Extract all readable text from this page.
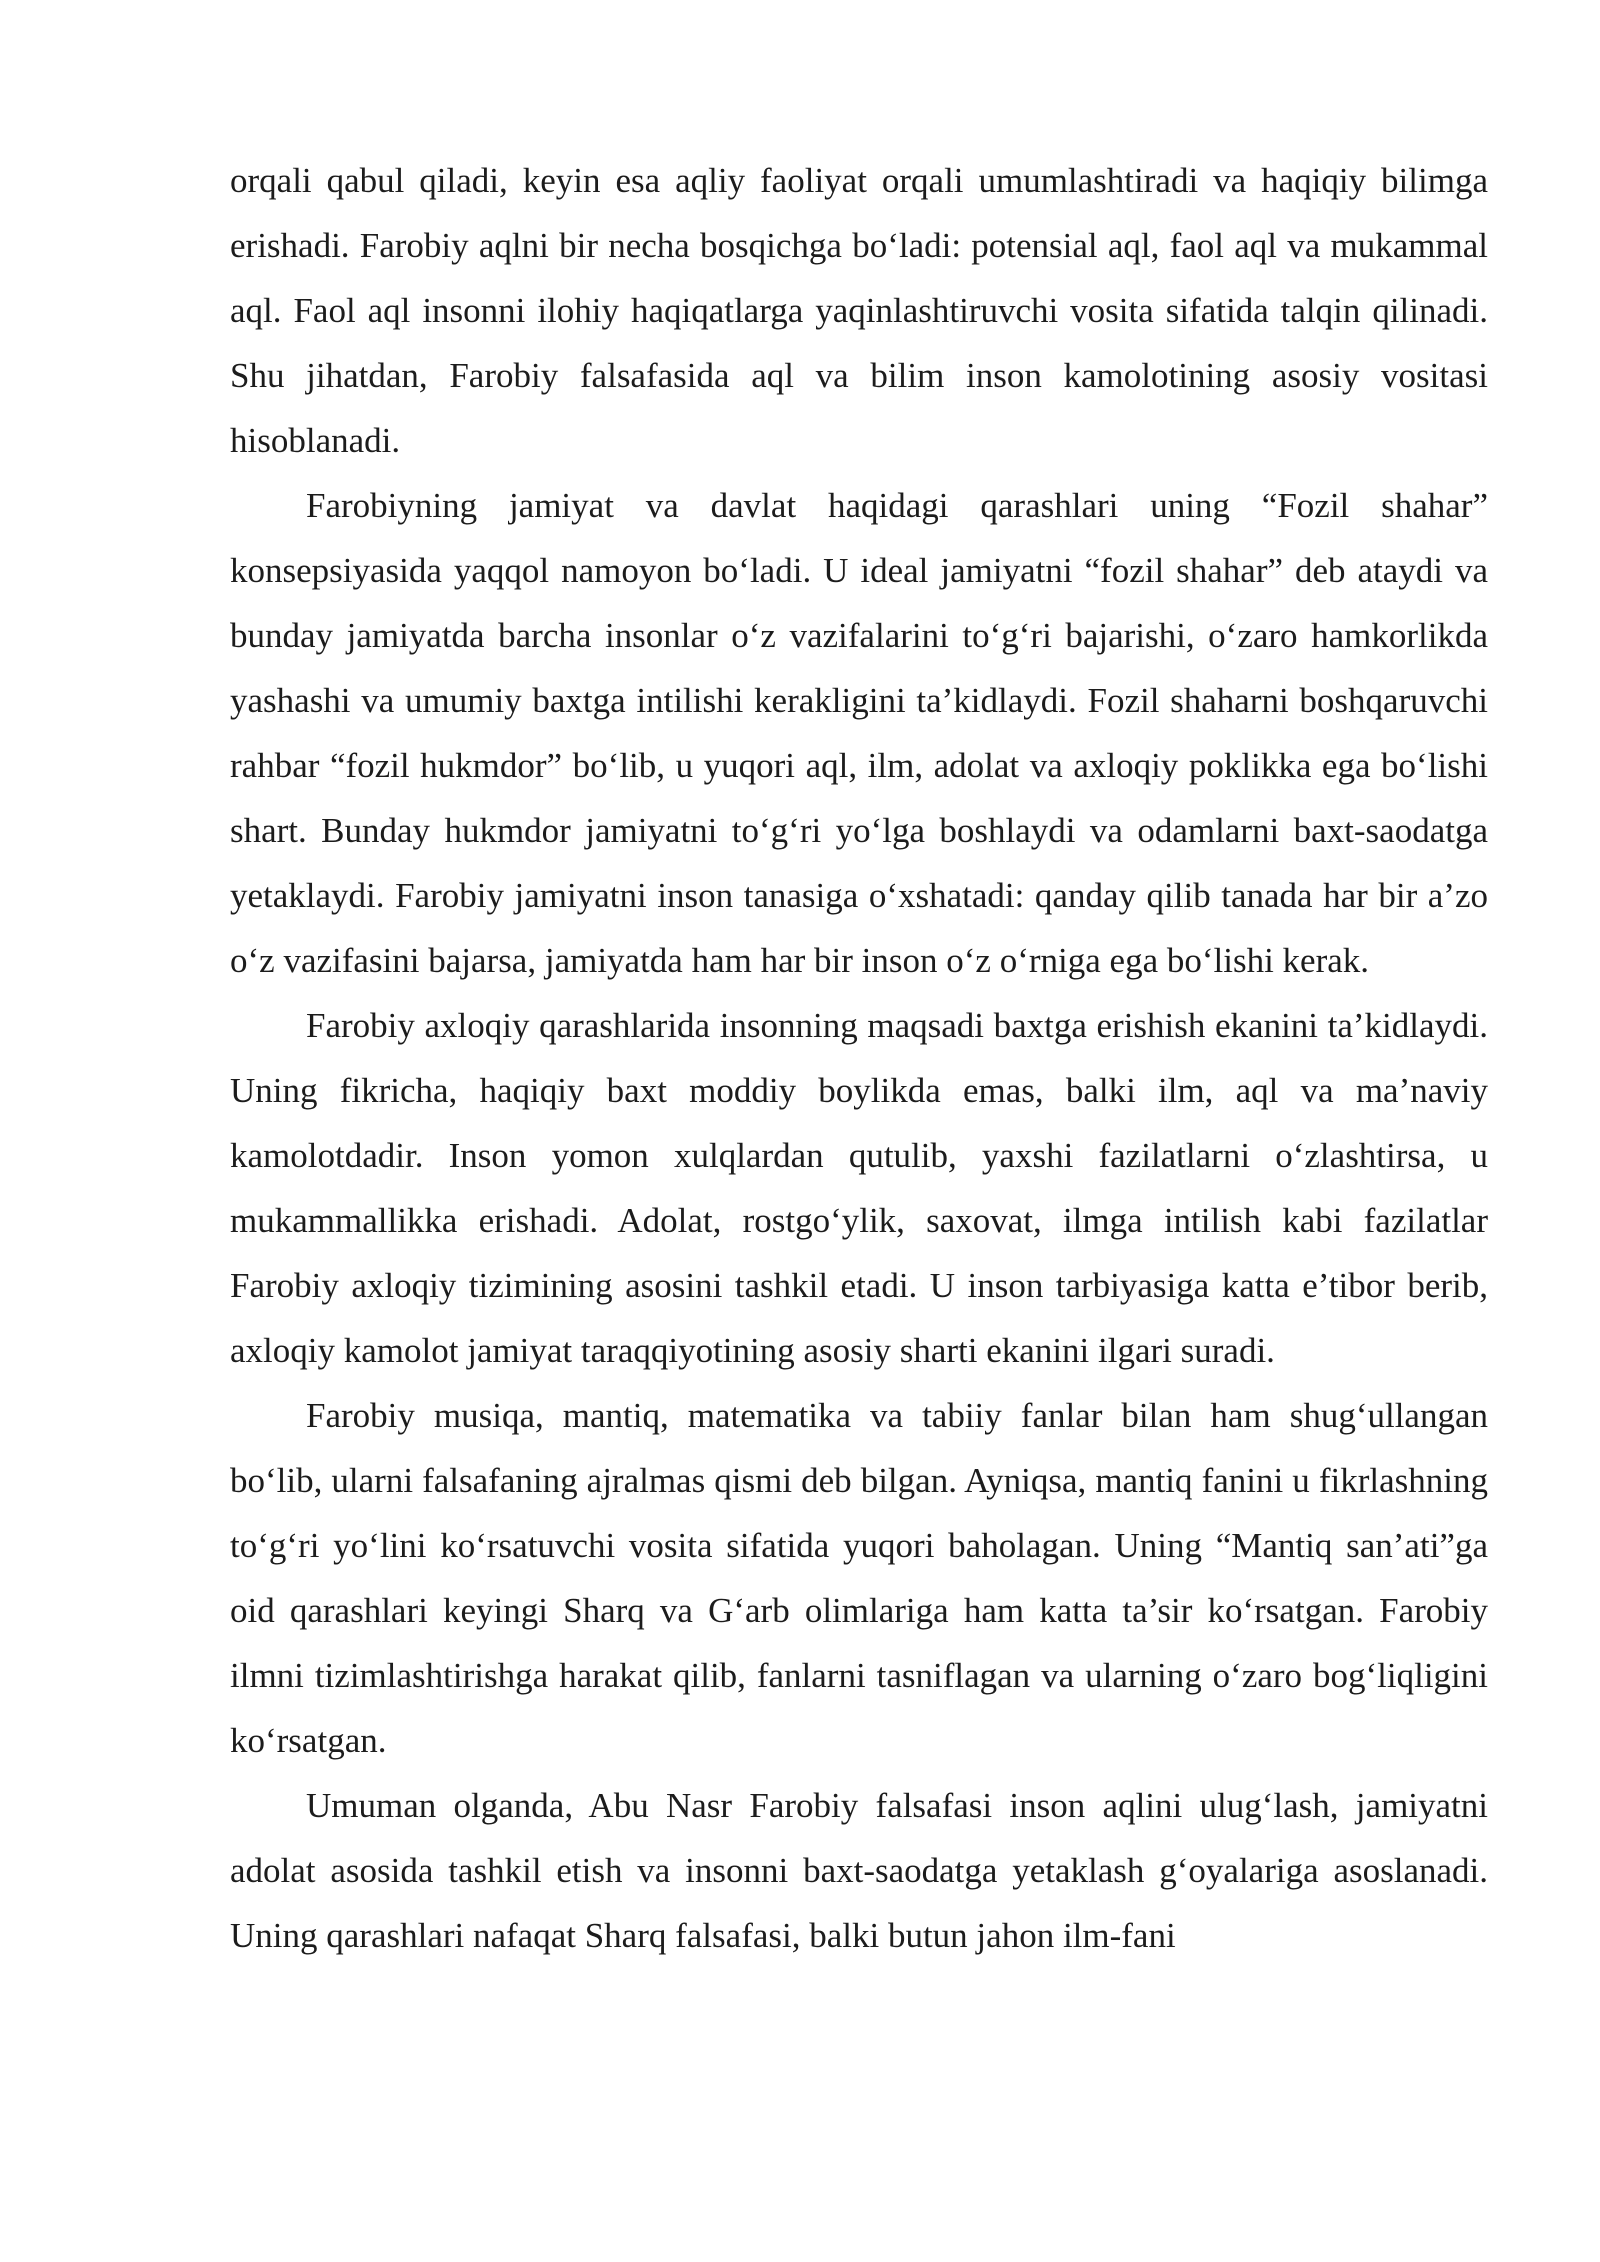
orqali qabul qiladi, keyin esa aqliy faoliyat orqali umumlashtiradi va haqiqiy bilimga erishadi. Farobiy aqlni bir necha bosqichga bo‘ladi: potensial aql, faol aql va mukammal aql. Faol aql insonni ilohiy haqiqatlarga yaqinlashtiruvchi vosita sifatida talqin qilinadi. Shu jihatdan, Farobiy falsafasida aql va bilim inson kamolotining asosiy vositasi hisoblanadi.

Farobiyning jamiyat va davlat haqidagi qarashlari uning “Fozil shahar” konsepsiyasida yaqqol namoyon bo‘ladi. U ideal jamiyatni “fozil shahar” deb ataydi va bunday jamiyatda barcha insonlar o‘z vazifalarini to‘g‘ri bajarishi, o‘zaro hamkorlikda yashashi va umumiy baxtga intilishi kerakligini ta’kidlaydi. Fozil shaharni boshqaruvchi rahbar “fozil hukmdor” bo‘lib, u yuqori aql, ilm, adolat va axloqiy poklikka ega bo‘lishi shart. Bunday hukmdor jamiyatni to‘g‘ri yo‘lga boshlaydi va odamlarni baxt-saodatga yetaklaydi. Farobiy jamiyatni inson tanasiga o‘xshatadi: qanday qilib tanada har bir a’zo o‘z vazifasini bajarsa, jamiyatda ham har bir inson o‘z o‘rniga ega bo‘lishi kerak.

Farobiy axloqiy qarashlarida insonning maqsadi baxtga erishish ekanini ta’kidlaydi. Uning fikricha, haqiqiy baxt moddiy boylikda emas, balki ilm, aql va ma’naviy kamolotdadir. Inson yomon xulqlardan qutulib, yaxshi fazilatlarni o‘zlashtirsa, u mukammallikka erishadi. Adolat, rostgo‘ylik, saxovat, ilmga intilish kabi fazilatlar Farobiy axloqiy tizimining asosini tashkil etadi. U inson tarbiyasiga katta e’tibor berib, axloqiy kamolot jamiyat taraqqiyotining asosiy sharti ekanini ilgari suradi.

Farobiy musiqa, mantiq, matematika va tabiiy fanlar bilan ham shug‘ullangan bo‘lib, ularni falsafaning ajralmas qismi deb bilgan. Ayniqsa, mantiq fanini u fikrlashning to‘g‘ri yo‘lini ko‘rsatuvchi vosita sifatida yuqori baholagan. Uning “Mantiq san’ati”ga oid qarashlari keyingi Sharq va G‘arb olimlariga ham katta ta’sir ko‘rsatgan. Farobiy ilmni tizimlashtirishga harakat qilib, fanlarni tasniflagan va ularning o‘zaro bog‘liqligini ko‘rsatgan.

Umuman olganda, Abu Nasr Farobiy falsafasi inson aqlini ulug‘lash, jamiyatni adolat asosida tashkil etish va insonni baxt-saodatga yetaklash g‘oyalariga asoslanadi. Uning qarashlari nafaqat Sharq falsafasi, balki butun jahon ilm-fani
